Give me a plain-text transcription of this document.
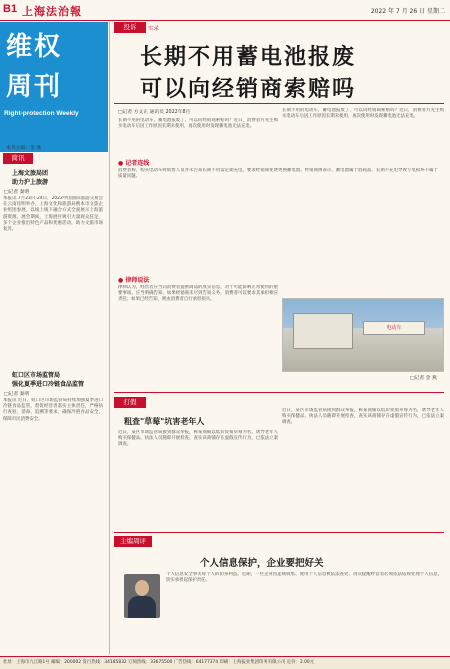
B1 上海法治報	2022 年 7 月 26 日 星期二
维权
周刊
Right-protection Weekly
本刊主编：金 燕
简讯
上海文旅局团
助力沪上旅游
□记者 秦明
本报讯 7月23日-24日，2022中国国际旅游交易会在云南昆明举办，上海文化和旅游局携本市文旅企业组团参展，以线上线下融合方式全面展示上海旅游资源。展会期间，上海展区吸引大量观众驻足，多个企业推出特色产品和优惠活动，助力文旅市场复苏。
虹口区市场监管局
强化夏季进口冷链食品监管
□记者 秦明
本报讯 近日，虹口区市场监管局持续加强夏季进口冷链食品监管，督促经营者落实主体责任，严格执行查验、消毒、追溯等要求，确保冷链食品安全，保障市民消费安全。
投诉	实录
长期不用蓄电池报废
可以向经销商索赔吗
□记者 方文正 通讯员 2022年8月
长期不用的电动车，蓄电池报废了，可以向经销商索赔吗？近日，消费者方先生购买电动车后因工作原因长期未使用，再次使用时发现蓄电池无法充电。
长期不用的电动车，蓄电池报废了，可以向经销商索赔吗？近日，消费者方先生购买电动车后因工作原因长期未使用，再次使用时发现蓄电池无法充电。
● 记者连线
消费者称，购买电动车时销售人员并未告知长期不用需定期充电，要求经销商免费更换蓄电池。经销商则表示，蓄电池属于消耗品，长期不充电导致亏电损坏不属于质量问题。
● 律师说法
律师认为，经营者应当向消费者提供商品的真实信息，对于可能影响正常使用的重要事项，应当明确告知。如果经销商未尽到告知义务，消费者可以要求其承担相应责任；如果已经告知，则由消费者自行承担损失。
电动车
□记者 金 燕
打假
粗查"草莓"坑害老年人
近日，某区市场监管局接到群众举报，称某商铺以低价促销草莓为名，诱导老年人购买保健品。执法人员随即开展检查，查实该商铺存在虚假宣传行为，已依法立案调查。
近日，某区市场监管局接到群众举报，称某商铺以低价促销草莓为名，诱导老年人购买保健品。执法人员随即开展检查，查实该商铺存在虚假宣传行为，已依法立案调查。
主编周评
个人信息保护，企业要把好关
个人信息安全事关每个人的切身利益。近期，一些企业因违规收集、使用个人信息被依法查处，再次提醒经营者必须依法依规处理个人信息，切实承担起保护责任。
社址：上海市九江路1号 邮编：200002 发行热线：34185832 订阅热线：33675500 广告热线：64177374 印刷：上海报业集团印务有限公司 定价：2.00元
